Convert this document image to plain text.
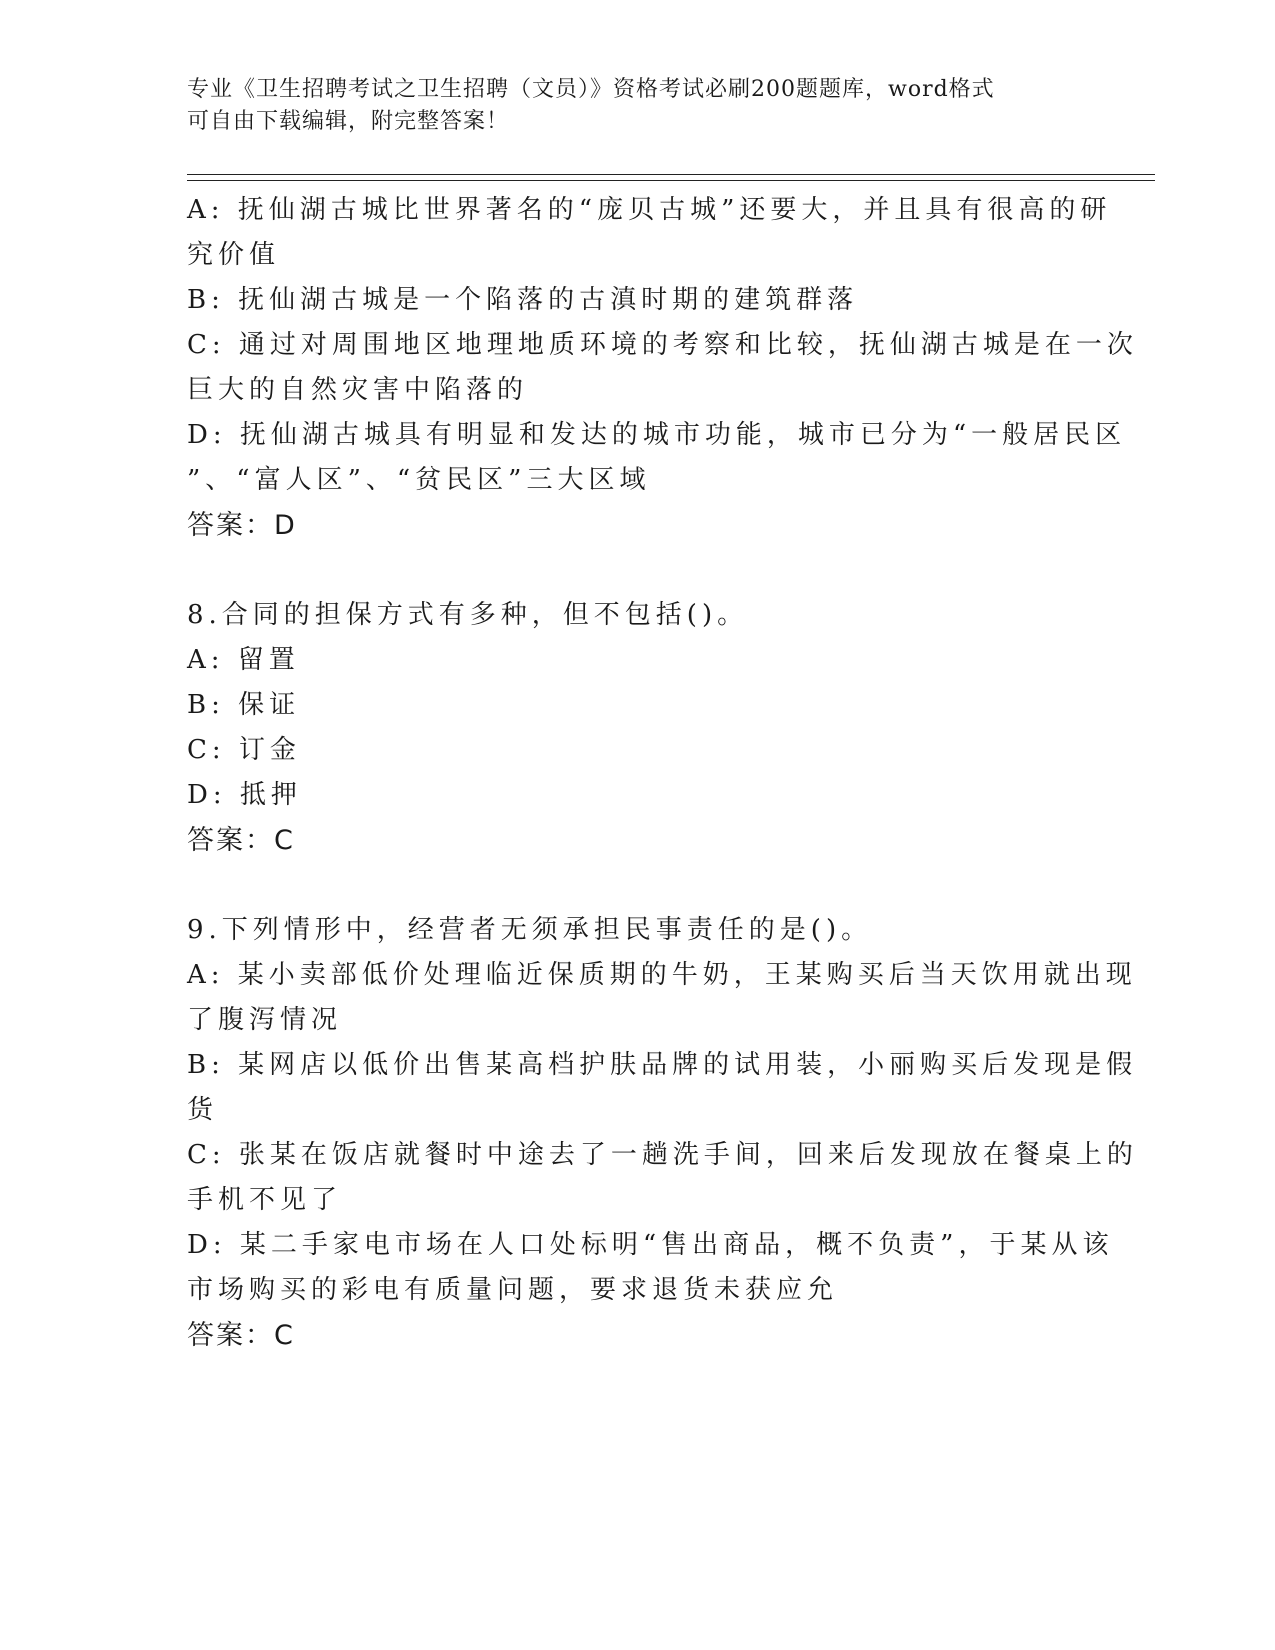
专业《卫生招聘考试之卫生招聘（文员）》资格考试必刷200题题库，word格式
可自由下载编辑，附完整答案！
A: 抚仙湖古城比世界著名的“庞贝古城”还要大，并且具有很高的研
究价值
B: 抚仙湖古城是一个陷落的古滇时期的建筑群落
C: 通过对周围地区地理地质环境的考察和比较，抚仙湖古城是在一次
巨大的自然灾害中陷落的
D: 抚仙湖古城具有明显和发达的城市功能，城市已分为“一般居民区
”、“富人区”、“贫民区”三大区域
答案：D
8.合同的担保方式有多种，但不包括()。
A: 留置
B: 保证
C: 订金
D: 抵押
答案：C
9.下列情形中，经营者无须承担民事责任的是()。
A: 某小卖部低价处理临近保质期的牛奶，王某购买后当天饮用就出现
了腹泻情况
B: 某网店以低价出售某高档护肤品牌的试用装，小丽购买后发现是假
货
C: 张某在饭店就餐时中途去了一趟洗手间，回来后发现放在餐桌上的
手机不见了
D: 某二手家电市场在人口处标明“售出商品，概不负责”，于某从该
市场购买的彩电有质量问题，要求退货未获应允
答案：C
